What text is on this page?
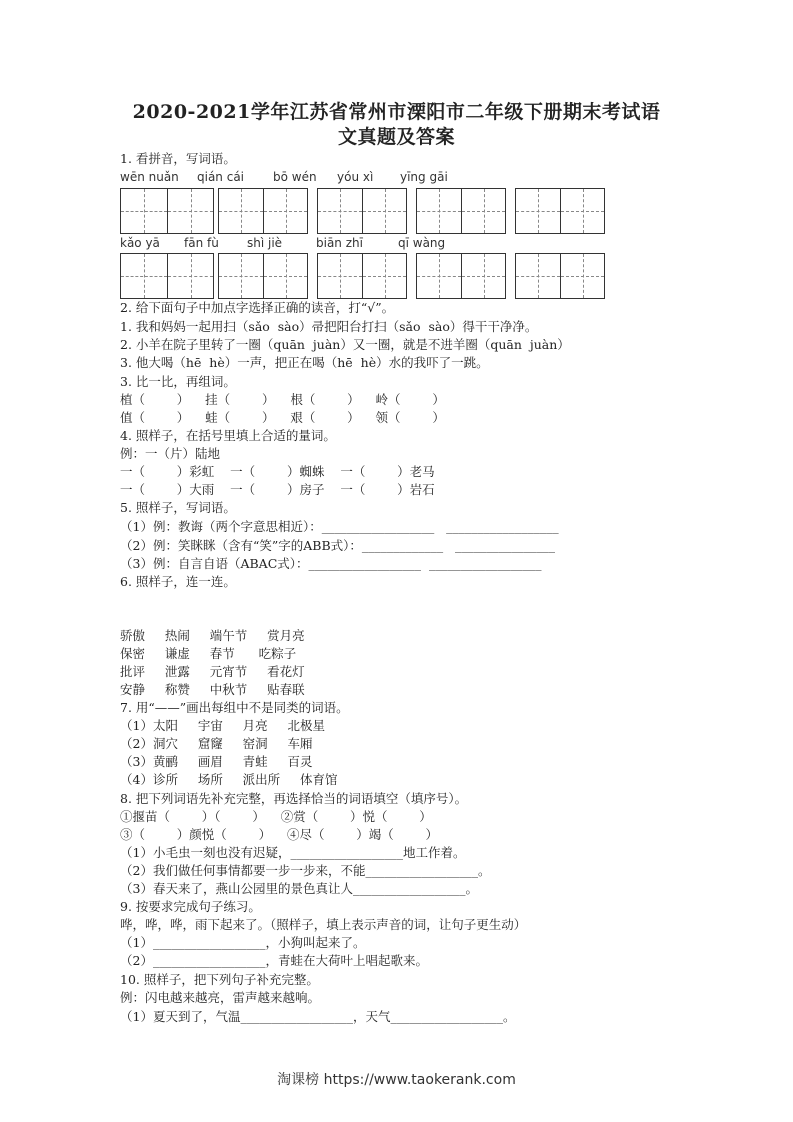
2020-2021学年江苏省常州市溧阳市二年级下册期末考试语
文真题及答案
1. 看拼音，写词语。
wēn nuǎn qián cái bō wén yóu xì yīng gāi
kǎo yā fān fù shì jiè	biān zhī	qī wàng
2. 给下面句子中加点字选择正确的读音，打“√”。
1. 我和妈妈一起用扫（sǎo  sào）帚把阳台打扫（sǎo  sào）得干干净净。
2. 小羊在院子里转了一圈（quān  juàn）又一圈，就是不进羊圈（quān  juàn）
3. 他大喝（hē  hè）一声，把正在喝（hē  hè）水的我吓了一跳。
3. 比一比，再组词。
植（        ）    挂（        ）    根（        ）    岭（        ）
值（        ）    蛙（        ）    艰（        ）    领（        ）
4. 照样子，在括号里填上合适的量词。
例：一（片）陆地
一（        ）彩虹    一（        ）蜘蛛    一（        ）老马
一（        ）大雨    一（        ）房子    一（        ）岩石
5. 照样子，写词语。
（1）例：教诲（两个字意思相近）：__________________   __________________
（2）例：笑眯眯（含有“笑”字的ABB式）：_____________   ________________
（3）例：自言自语（ABAC式）：__________________  __________________
6. 照样子，连一连。
骄傲     热闹     端午节     赏月亮
保密     谦虚     春节      吃粽子
批评     泄露     元宵节     看花灯
安静     称赞     中秋节     贴春联
7. 用“——”画出每组中不是同类的词语。
（1）太阳     宇宙     月亮     北极星
（2）洞穴     窟窿     窑洞     车厢
（3）黄鹂     画眉     青蛙     百灵
（4）诊所     场所     派出所     体育馆
8. 把下列词语先补充完整，再选择恰当的词语填空（填序号）。
①揠苗（        ）（        ）    ②赏（        ）悦（        ）
③（        ）颜悦（        ）    ④尽（        ）竭（        ）
（1）小毛虫一刻也没有迟疑，__________________地工作着。
（2）我们做任何事情都要一步一步来，不能__________________。
（3）春天来了，燕山公园里的景色真让人__________________。
9. 按要求完成句子练习。
哗，哗，哗，雨下起来了。（照样子，填上表示声音的词，让句子更生动）
（1）__________________，小狗叫起来了。
（2）__________________，青蛙在大荷叶上唱起歌来。
10. 照样子，把下列句子补充完整。
例：闪电越来越亮，雷声越来越响。
（1）夏天到了，气温__________________，天气__________________。
淘课榜 https://www.taokerank.com
